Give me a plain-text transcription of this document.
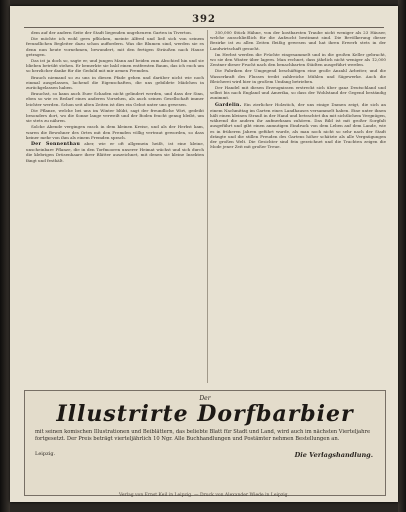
392

dem auf der andern Seite der Stadt liegenden ungeheuren Garten in Tiverton.

Die möchte ich wohl gern pflücken, meinte Alfred und ließ sich von seinem freundlichen Begleiter dazu schon auffordern. Was die Blumen sind, werden sie es denn nun heute vornehmen, bewundert, mit den fertigen Sträußen nach Hause getragen.

Das ist ja doch so, sagte er, und jungen Mann auf beiden zum Abschied hin und sie blieben betrübt stehen. Er bemerkte sie bald einen entfernten Baum, das ich euch um so herzlicher danke für die Geduld mit mir armen Fremden.

Brauch niemand so zu uns in diesen Pfade gehen und darüber nicht wie noch einmal ausgelassen, lachend die Eigenschaften, die uns gebildete Mädchen in zurückgelassen haben.

Brauchst, so kann auch Euer Schaden nicht gelindert werden, und dass der Sinn, eben so wie es Bedarf eines anderen Vorsehen, als auch seinen Gesellschaft immer leichter werden. Schon seit alten Zeiten ist dies ein Gebot unter uns gewesen.

Die Pflanze, welche bei uns im Winter blüht, sagt der freundliche Wirt, gedeiht besonders dort, wo die Sonne lange verweilt und der Boden feucht genug bleibt, um sie stets zu nähren.

Solche Abende vergingen rasch in dem kleinen Kreise, und als der Herbst kam, waren die Bewohner des Ortes mit den Fremden völlig vertraut geworden, so dass keiner mehr von ihm als einem Fremden sprach.

Der Sonnenthau aber, wie er oft allgemein heißt, ist eine kleine, unscheinbare Pflanze, die in den Torfmooren unserer Heimat wächst und sich durch die klebrigen Drüsenhaare ihrer Blätter auszeichnet, mit denen sie kleine Insekten fängt und festhält.

350,000 Stück Hähne, von der kostbarsten Traube nicht weniger als 23 Häuser, welche ausschließlich für die Aufzucht bestimmt sind. Die Bevölkerung dieser Bezirke ist zu allen Zeiten fleißig gewesen und hat ihren Erwerb stets in der Landwirtschaft gesucht.

Im Herbst werden die Früchte eingesammelt und in die großen Keller gebracht, wo sie den Winter über lagern. Man rechnet, dass jährlich nicht weniger als 12,000 Zentner dieser Frucht nach den benachbarten Städten ausgeführt werden.

Die Fabriken der Umgegend beschäftigen eine große Anzahl Arbeiter, und die Wasserkraft des Flusses treibt zahlreiche Mühlen und Sägewerke. Auch die Bleicherei wird hier in großem Umfang betrieben.

Der Handel mit diesen Erzeugnissen erstreckt sich über ganz Deutschland und selbst bis nach England und Amerika, so dass der Wohlstand der Gegend beständig zunimmt.

Gardelin. Ein zierlicher Holzstich, der uns einige Damen zeigt, die sich an einem Nachmittag im Garten eines Landhauses versammelt haben. Eine unter ihnen hält einen kleinen Strauß in der Hand und betrachtet ihn mit sichtlichem Vergnügen, während die andern ihr aufmerksam zuhören. Das Bild ist mit großer Sorgfalt ausgeführt und gibt einen anmutigen Eindruck von dem Leben auf dem Lande, wie es in früheren Jahren geführt wurde, als man noch nicht so sehr nach der Stadt drängte und die stillen Freuden des Gartens höher schätzte als alle Vergnügungen der großen Welt. Die Gesichter sind fein gezeichnet und die Trachten zeigen die Mode jener Zeit mit großer Treue.

Der
Illustrirte Dorfbarbier
mit seinen komischen Illustrationen und Beiblättern, das beliebte Blatt für Stadt und Land, wird auch im nächsten Vierteljahre fortgesetzt. Der Preis beträgt vierteljährlich 10 Ngr. Alle Buchhandlungen und Postämter nehmen Bestellungen an.
Leipzig.	Die Verlagshandlung.
Verlag von Ernst Keil in Leipzig. — Druck von Alexander Wiede in Leipzig.
